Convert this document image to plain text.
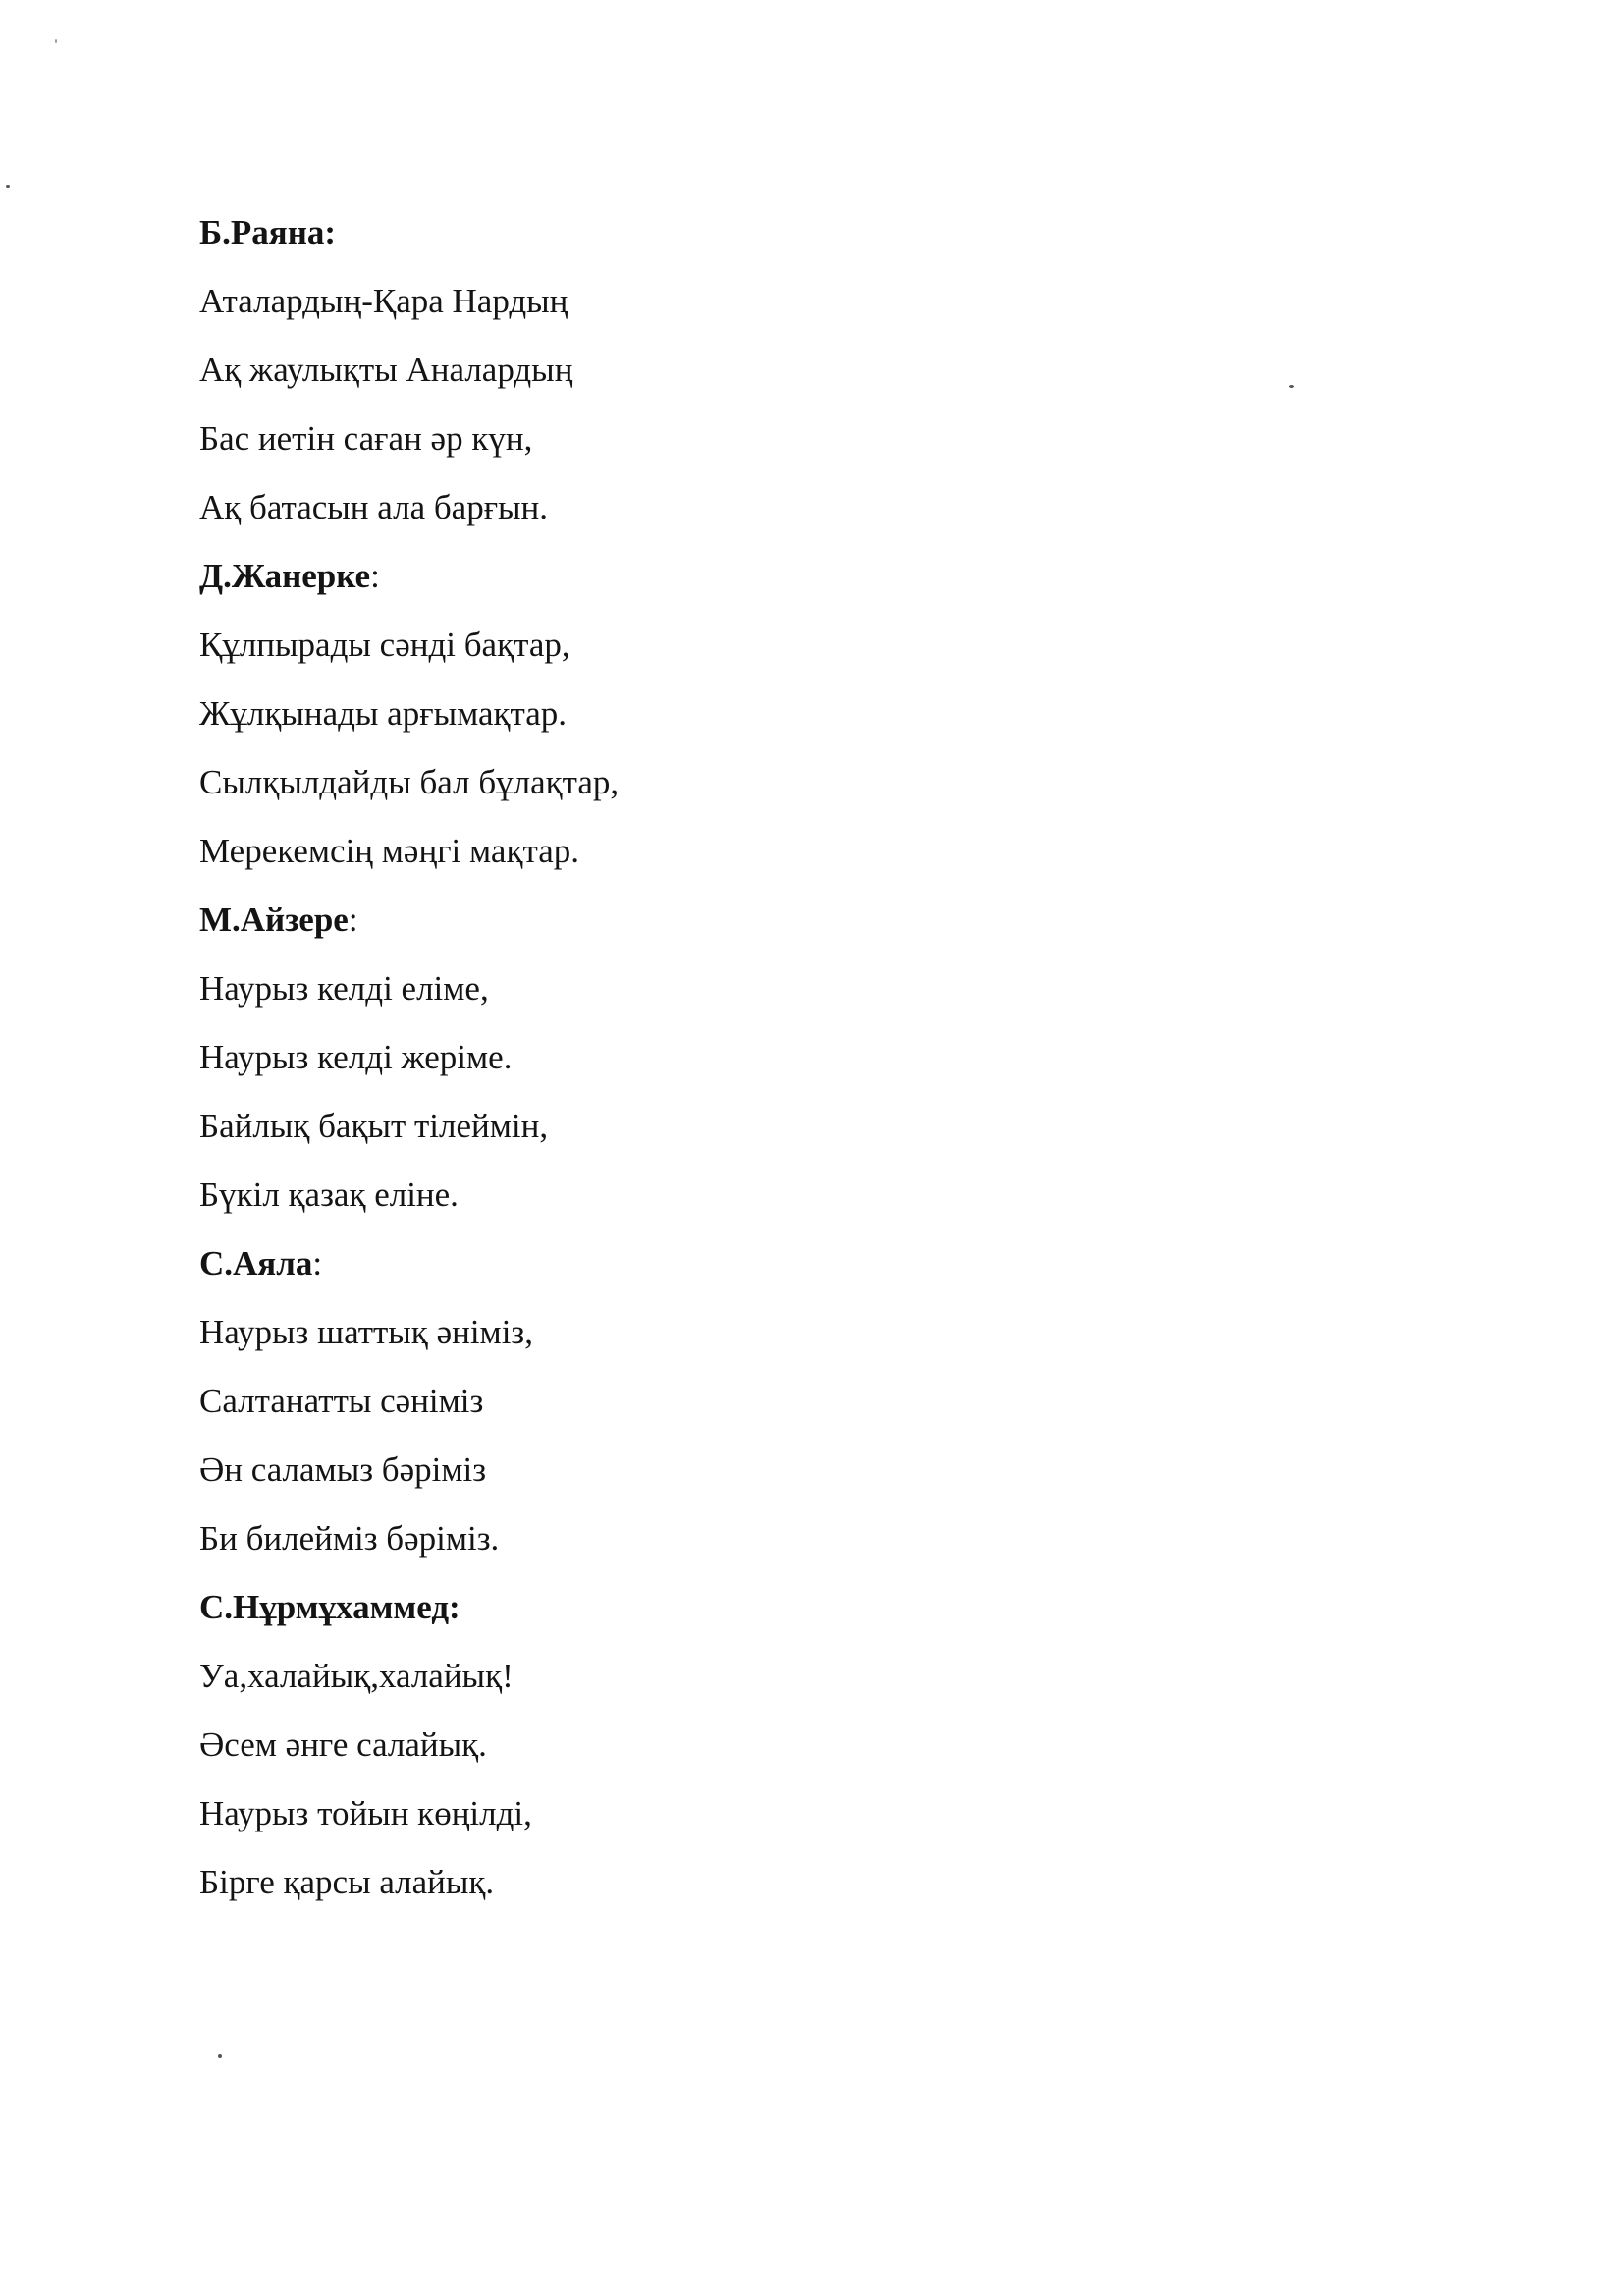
Б.Раяна:
Аталардың-Қара Нардың
Ақ жаулықты Аналардың
Бас иетін саған әр күн,
Ақ батасын ала барғын.
Д.Жанерке:
Құлпырады сәнді бақтар,
Жұлқынады арғымақтар.
Сылқылдайды бал бұлақтар,
Мерекемсің мәңгі мақтар.
М.Айзере:
Наурыз келді еліме,
Наурыз келді жеріме.
Байлық бақыт тілеймін,
Бүкіл қазақ еліне.
С.Аяла:
Наурыз шаттық әніміз,
Салтанатты сәніміз
Ән саламыз бәріміз
Би билейміз бәріміз.
С.Нұрмұхаммед:
Уа,халайық,халайық!
Әсем әнге салайық.
Наурыз тойын көңілді,
Бірге қарсы алайық.
